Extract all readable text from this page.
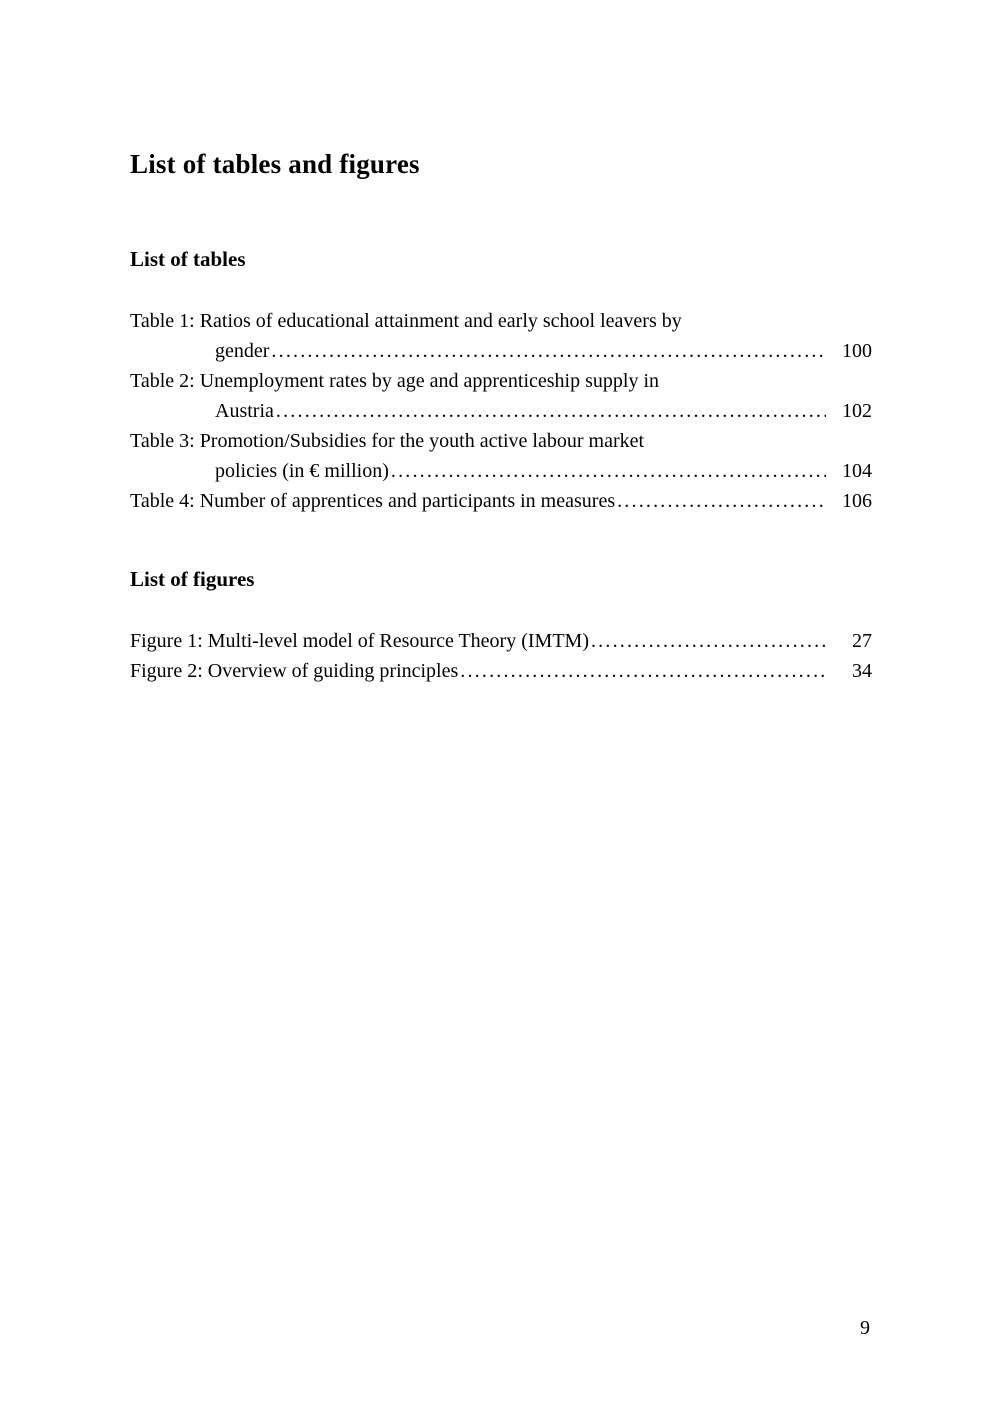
List of tables and figures
List of tables
Table 1: Ratios of educational attainment and early school leavers by
gender .....	100
Table 2: Unemployment rates by age and apprenticeship supply in
Austria .....	102
Table 3: Promotion/Subsidies for the youth active labour market
policies (in € million) .....	104
Table 4: Number of apprentices and participants in measures .....	106
List of figures
Figure 1: Multi-level model of Resource Theory (IMTM) .....	27
Figure 2: Overview of guiding principles .....	34
9
